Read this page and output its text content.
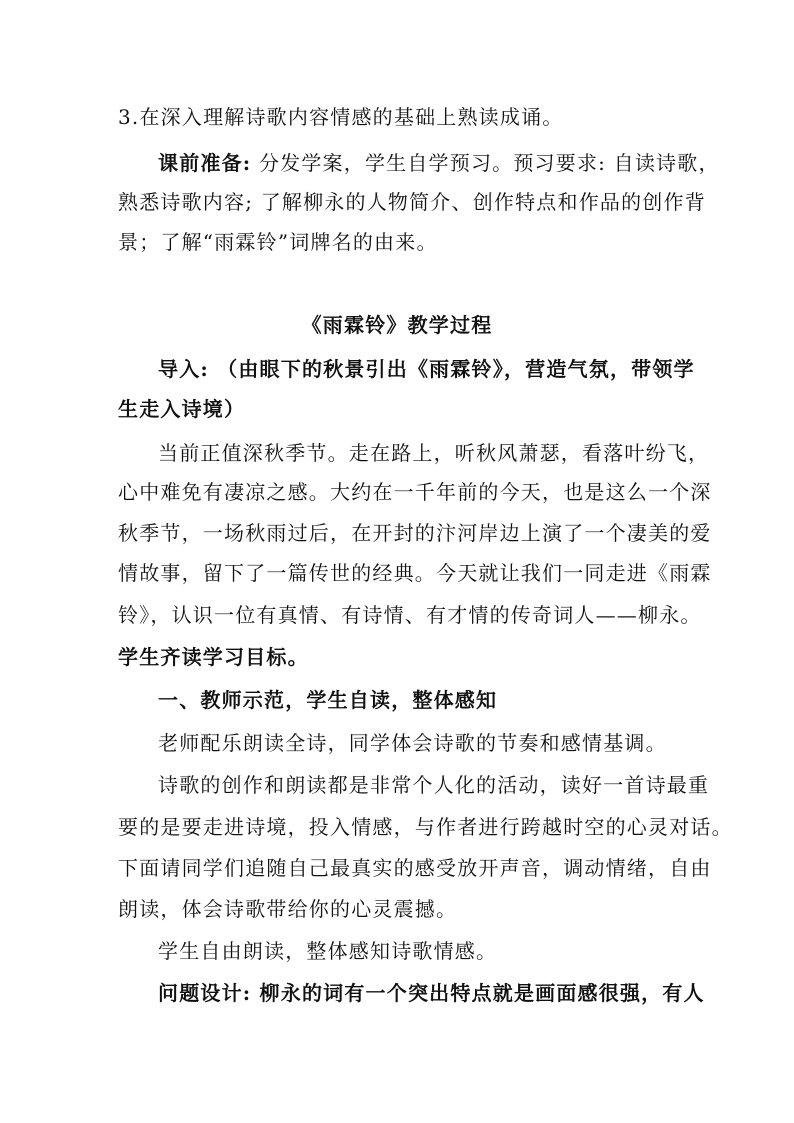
3.在深入理解诗歌内容情感的基础上熟读成诵。
课前准备: 分发学案，学生自学预习。预习要求: 自读诗歌，
熟悉诗歌内容; 了解柳永的人物简介、创作特点和作品的创作背
景；了解“雨霖铃”词牌名的由来。
《雨霖铃》教学过程
导入: （由眼下的秋景引出《雨霖铃》，营造气氛，带领学
生走入诗境）
当前正值深秋季节。走在路上，听秋风萧瑟，看落叶纷飞，
心中难免有凄凉之感。大约在一千年前的今天，也是这么一个深
秋季节，一场秋雨过后，在开封的汴河岸边上演了一个凄美的爱
情故事，留下了一篇传世的经典。今天就让我们一同走进《雨霖
铃》，认识一位有真情、有诗情、有才情的传奇词人——柳永。
学生齐读学习目标。
一、教师示范，学生自读，整体感知
老师配乐朗读全诗，同学体会诗歌的节奏和感情基调。
诗歌的创作和朗读都是非常个人化的活动，读好一首诗最重
要的是要走进诗境，投入情感，与作者进行跨越时空的心灵对话。
下面请同学们追随自己最真实的感受放开声音，调动情绪，自由
朗读，体会诗歌带给你的心灵震撼。
学生自由朗读，整体感知诗歌情感。
问题设计: 柳永的词有一个突出特点就是画面感很强，有人
